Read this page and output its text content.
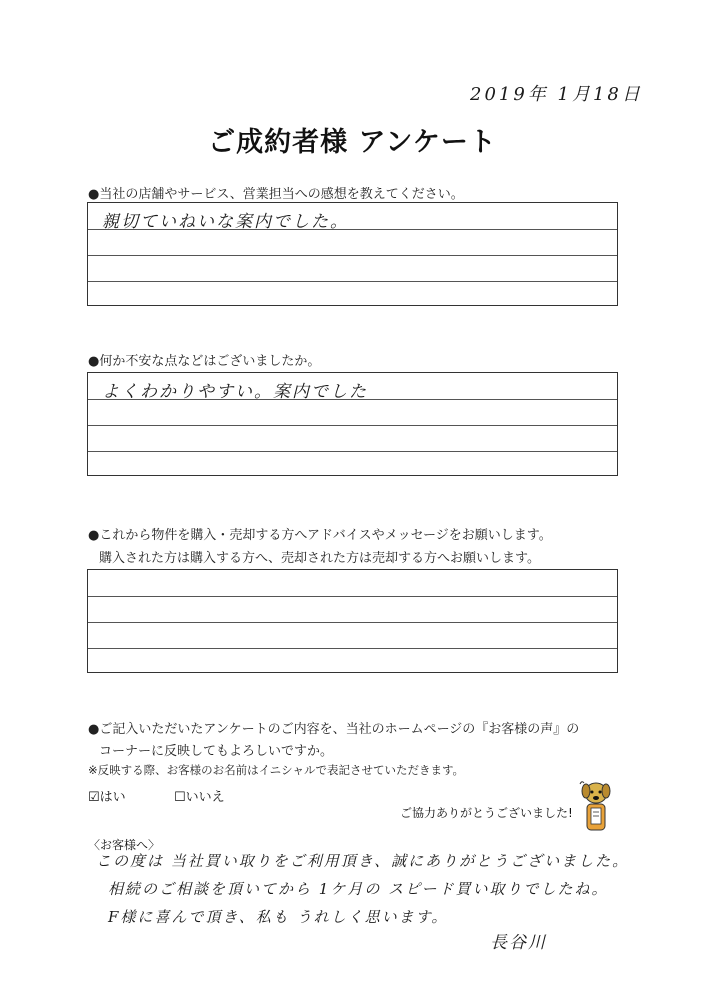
2019年 1月18日
ご成約者様 アンケート
●当社の店舗やサービス、営業担当への感想を教えてください。
親切ていねいな案内でした。
●何か不安な点などはございましたか。
よくわかりやすい。案内でした
●これから物件を購入・売却する方へアドバイスやメッセージをお願いします。
購入された方は購入する方へ、売却された方は売却する方へお願いします。
●ご記入いただいたアンケートのご内容を、当社のホームページの『お客様の声』の
コーナーに反映してもよろしいですか。
※反映する際、お客様のお名前はイニシャルで表記させていただきます。
☑はい	☐いいえ
ご協力ありがとうございました!
〈お客様へ〉
この度は 当社買い取りをご利用頂き、誠にありがとうございました。
相続のご相談を頂いてから 1ケ月の スピード買い取りでしたね。
F様に喜んで頂き、私も うれしく思います。
長谷川
